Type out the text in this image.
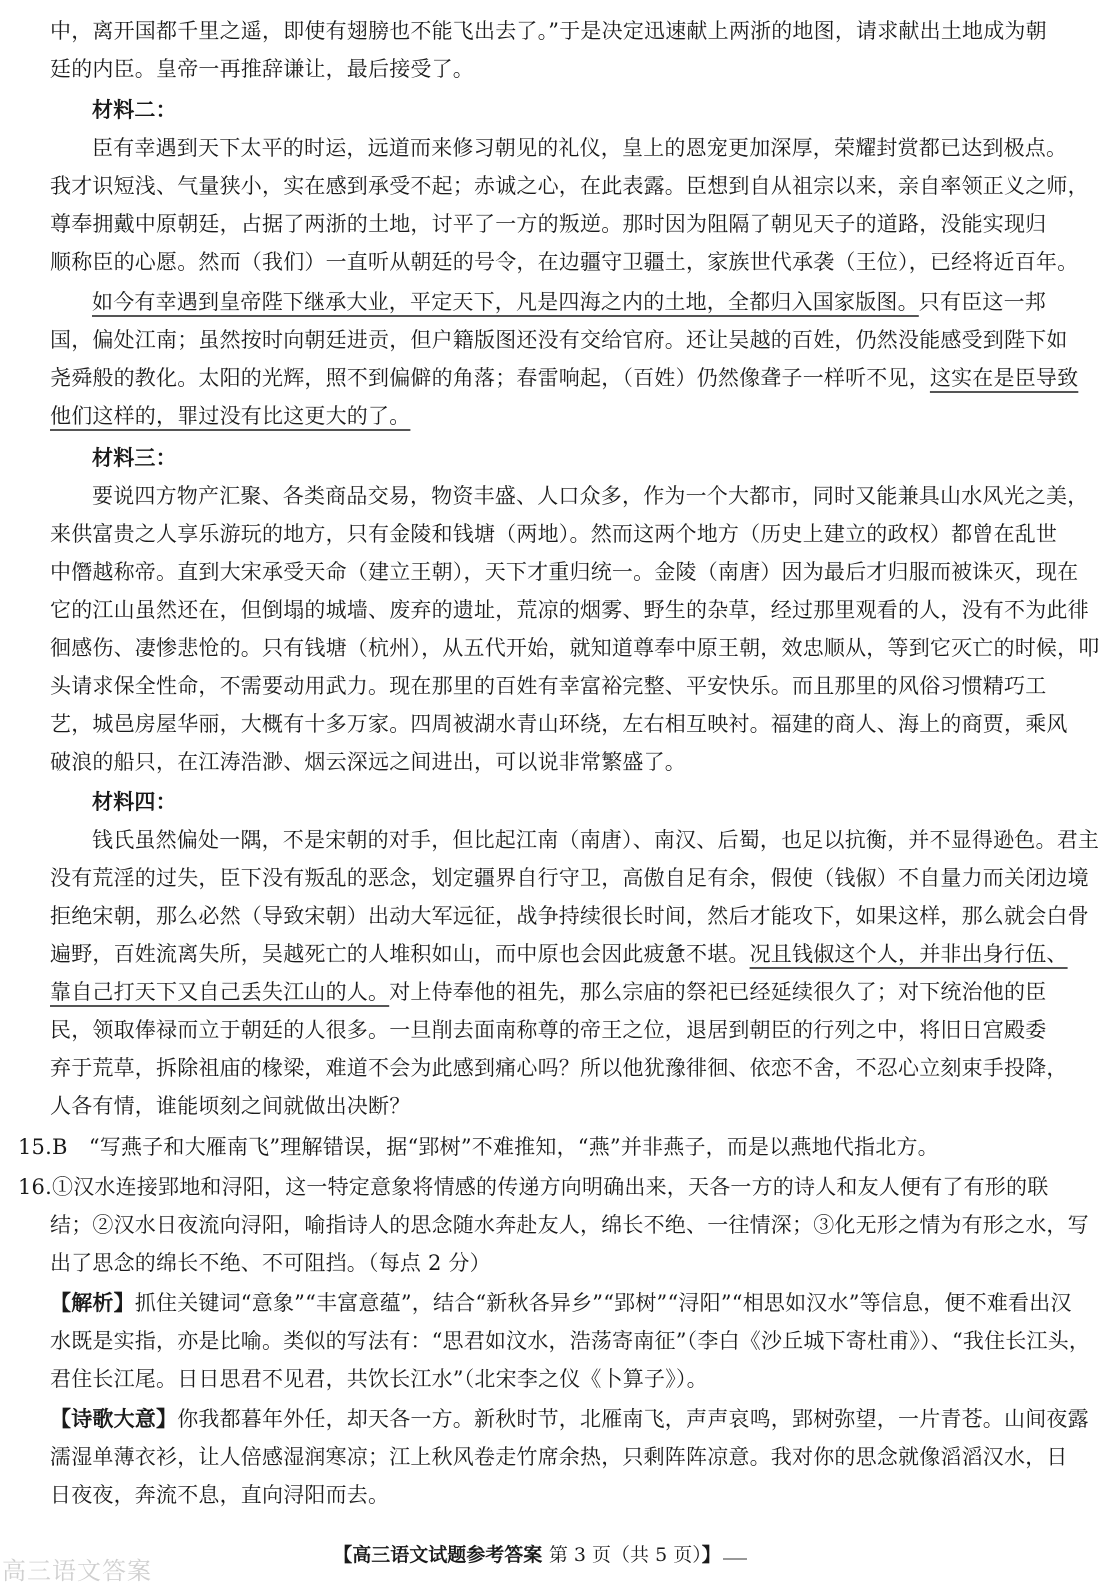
中，离开国都千里之遥，即使有翅膀也不能飞出去了。”于是决定迅速献上两浙的地图，请求献出土地成为朝
廷的内臣。皇帝一再推辞谦让，最后接受了。
材料二：
臣有幸遇到天下太平的时运，远道而来修习朝见的礼仪，皇上的恩宠更加深厚，荣耀封赏都已达到极点。
我才识短浅、气量狭小，实在感到承受不起；赤诚之心，在此表露。臣想到自从祖宗以来，亲自率领正义之师，
尊奉拥戴中原朝廷，占据了两浙的土地，讨平了一方的叛逆。那时因为阻隔了朝见天子的道路，没能实现归
顺称臣的心愿。然而（我们）一直听从朝廷的号令，在边疆守卫疆土，家族世代承袭（王位），已经将近百年。
如今有幸遇到皇帝陛下继承大业，平定天下，凡是四海之内的土地，全都归入国家版图。只有臣这一邦
国，偏处江南；虽然按时向朝廷进贡，但户籍版图还没有交给官府。还让吴越的百姓，仍然没能感受到陛下如
尧舜般的教化。太阳的光辉，照不到偏僻的角落；春雷响起，（百姓）仍然像聋子一样听不见，这实在是臣导致
他们这样的，罪过没有比这更大的了。
材料三：
要说四方物产汇聚、各类商品交易，物资丰盛、人口众多，作为一个大都市，同时又能兼具山水风光之美，
来供富贵之人享乐游玩的地方，只有金陵和钱塘（两地）。然而这两个地方（历史上建立的政权）都曾在乱世
中僭越称帝。直到大宋承受天命（建立王朝），天下才重归统一。金陵（南唐）因为最后才归服而被诛灭，现在
它的江山虽然还在，但倒塌的城墙、废弃的遗址，荒凉的烟雾、野生的杂草，经过那里观看的人，没有不为此徘
徊感伤、凄惨悲怆的。只有钱塘（杭州），从五代开始，就知道尊奉中原王朝，效忠顺从，等到它灭亡的时候，叩
头请求保全性命，不需要动用武力。现在那里的百姓有幸富裕完整、平安快乐。而且那里的风俗习惯精巧工
艺，城邑房屋华丽，大概有十多万家。四周被湖水青山环绕，左右相互映衬。福建的商人、海上的商贾，乘风
破浪的船只，在江涛浩渺、烟云深远之间进出，可以说非常繁盛了。
材料四：
钱氏虽然偏处一隅，不是宋朝的对手，但比起江南（南唐）、南汉、后蜀，也足以抗衡，并不显得逊色。君主
没有荒淫的过失，臣下没有叛乱的恶念，划定疆界自行守卫，高傲自足有余，假使（钱俶）不自量力而关闭边境
拒绝宋朝，那么必然（导致宋朝）出动大军远征，战争持续很长时间，然后才能攻下，如果这样，那么就会白骨
遍野，百姓流离失所，吴越死亡的人堆积如山，而中原也会因此疲惫不堪。况且钱俶这个人，并非出身行伍、
靠自己打天下又自己丢失江山的人。对上侍奉他的祖先，那么宗庙的祭祀已经延续很久了；对下统治他的臣
民，领取俸禄而立于朝廷的人很多。一旦削去面南称尊的帝王之位，退居到朝臣的行列之中，将旧日宫殿委
弃于荒草，拆除祖庙的椽梁，难道不会为此感到痛心吗？所以他犹豫徘徊、依恋不舍，不忍心立刻束手投降，
人各有情，谁能顷刻之间就做出决断？
15.B　“写燕子和大雁南飞”理解错误，据“郢树”不难推知，“燕”并非燕子，而是以燕地代指北方。
16.①汉水连接郢地和浔阳，这一特定意象将情感的传递方向明确出来，天各一方的诗人和友人便有了有形的联
结；②汉水日夜流向浔阳，喻指诗人的思念随水奔赴友人，绵长不绝、一往情深；③化无形之情为有形之水，写
出了思念的绵长不绝、不可阻挡。（每点 2 分）
【解析】抓住关键词“意象”“丰富意蕴”，结合“新秋各异乡”“郢树”“浔阳”“相思如汉水”等信息，便不难看出汉
水既是实指，亦是比喻。类似的写法有：“思君如汶水，浩荡寄南征”（李白《沙丘城下寄杜甫》）、“我住长江头，
君住长江尾。日日思君不见君，共饮长江水”（北宋李之仪《卜算子》）。
【诗歌大意】你我都暮年外任，却天各一方。新秋时节，北雁南飞，声声哀鸣，郢树弥望，一片青苍。山间夜露
濡湿单薄衣衫，让人倍感湿润寒凉；江上秋风卷走竹席余热，只剩阵阵凉意。我对你的思念就像滔滔汉水，日
日夜夜，奔流不息，直向浔阳而去。
【高三语文试题参考答案 第 3 页（共 5 页）】
高三语文答案
